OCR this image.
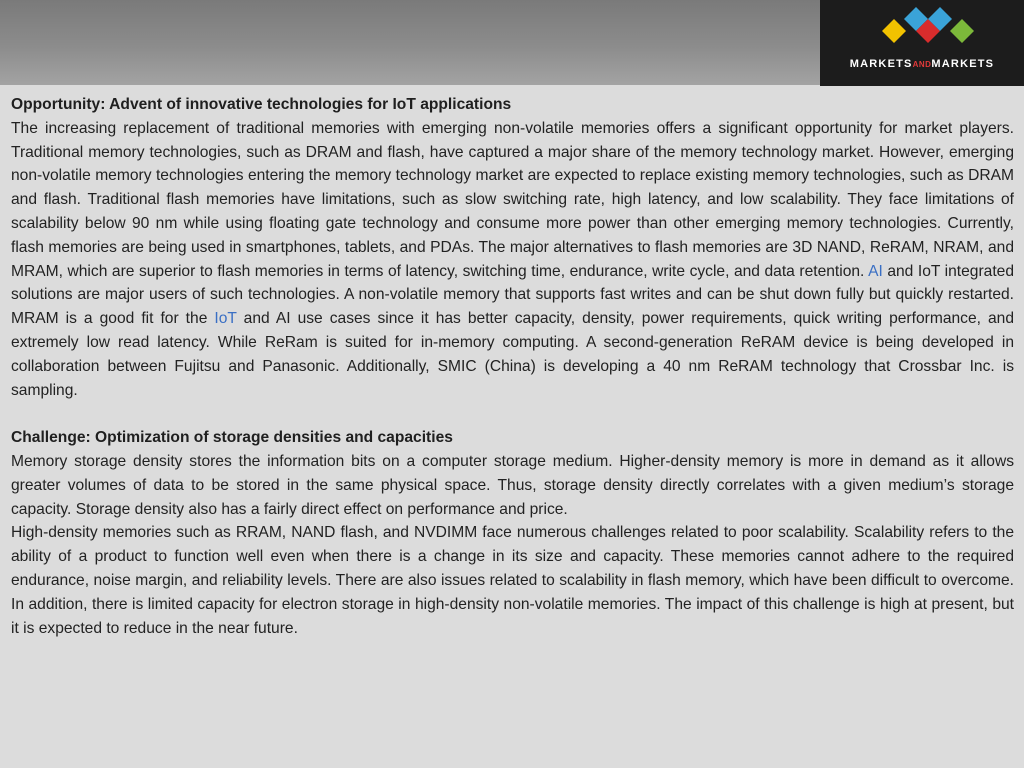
MARKETSANDMARKETS

Opportunity: Advent of innovative technologies for IoT applications

The increasing replacement of traditional memories with emerging non-volatile memories offers a significant opportunity for market players. Traditional memory technologies, such as DRAM and flash, have captured a major share of the memory technology market. However, emerging non-volatile memory technologies entering the memory technology market are expected to replace existing memory technologies, such as DRAM and flash. Traditional flash memories have limitations, such as slow switching rate, high latency, and low scalability. They face limitations of scalability below 90 nm while using floating gate technology and consume more power than other emerging memory technologies. Currently, flash memories are being used in smartphones, tablets, and PDAs. The major alternatives to flash memories are 3D NAND, ReRAM, NRAM, and MRAM, which are superior to flash memories in terms of latency, switching time, endurance, write cycle, and data retention. AI and IoT integrated solutions are major users of such technologies. A non-volatile memory that supports fast writes and can be shut down fully but quickly restarted. MRAM is a good fit for the IoT and AI use cases since it has better capacity, density, power requirements, quick writing performance, and extremely low read latency. While ReRam is suited for in-memory computing. A second-generation ReRAM device is being developed in collaboration between Fujitsu and Panasonic. Additionally, SMIC (China) is developing a 40 nm ReRAM technology that Crossbar Inc. is sampling.

Challenge: Optimization of storage densities and capacities

Memory storage density stores the information bits on a computer storage medium. Higher-density memory is more in demand as it allows greater volumes of data to be stored in the same physical space. Thus, storage density directly correlates with a given medium’s storage capacity. Storage density also has a fairly direct effect on performance and price.

High-density memories such as RRAM, NAND flash, and NVDIMM face numerous challenges related to poor scalability. Scalability refers to the ability of a product to function well even when there is a change in its size and capacity. These memories cannot adhere to the required endurance, noise margin, and reliability levels. There are also issues related to scalability in flash memory, which have been difficult to overcome. In addition, there is limited capacity for electron storage in high-density non-volatile memories. The impact of this challenge is high at present, but it is expected to reduce in the near future.
